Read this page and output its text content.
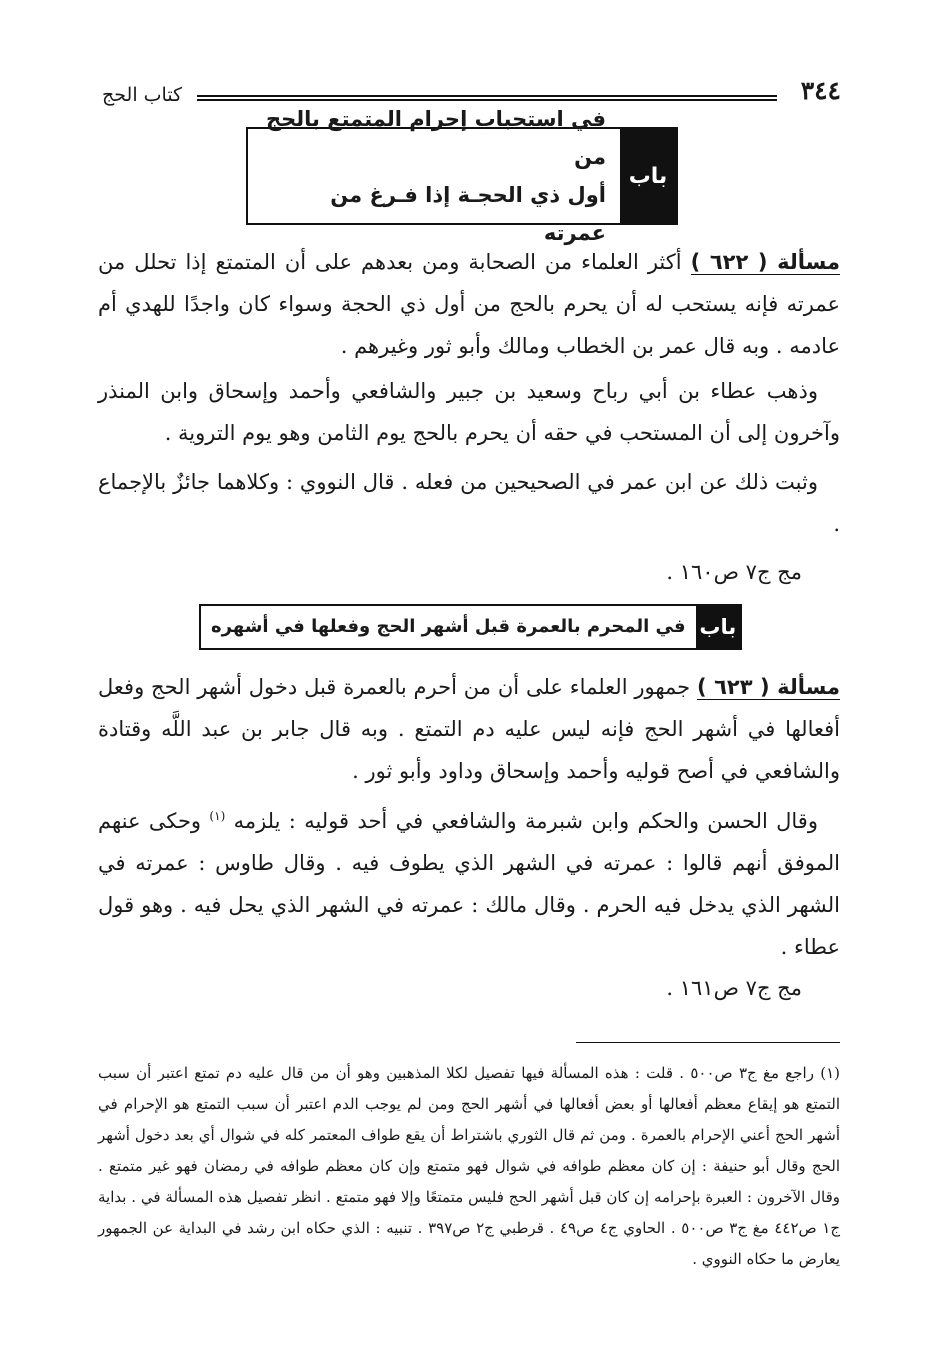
٣٤٤
كتاب الحج
باب
في استحباب إحرام المتمتع بالحج من
أول ذي الحجـة إذا فـرغ من عمرته

مسألة ( ٦٢٢ ) أكثر العلماء من الصحابة ومن بعدهم على أن المتمتع إذا تحلل من عمرته فإنه يستحب له أن يحرم بالحج من أول ذي الحجة وسواء كان واجدًا للهدي أم عادمه . وبه قال عمر بن الخطاب ومالك وأبو ثور وغيرهم .

وذهب عطاء بن أبي رباح وسعيد بن جبير والشافعي وأحمد وإسحاق وابن المنذر وآخرون إلى أن المستحب في حقه أن يحرم بالحج يوم الثامن وهو يوم التروية .

وثبت ذلك عن ابن عمر في الصحيحين من فعله . قال النووي : وكلاهما جائزٌ بالإجماع .

مج ج٧ ص١٦٠ .
باب
في المحرم بالعمرة قبل أشهر الحج وفعلها في أشهره

مسألة ( ٦٢٣ ) جمهور العلماء على أن من أحرم بالعمرة قبل دخول أشهر الحج وفعل أفعالها في أشهر الحج فإنه ليس عليه دم التمتع . وبه قال جابر بن عبد اللَّه وقتادة والشافعي في أصح قوليه وأحمد وإسحاق وداود وأبو ثور .

وقال الحسن والحكم وابن شبرمة والشافعي في أحد قوليه : يلزمه $^{(١)}$ وحكى عنهم الموفق أنهم قالوا : عمرته في الشهر الذي يطوف فيه . وقال طاوس : عمرته في الشهر الذي يدخل فيه الحرم . وقال مالك : عمرته في الشهر الذي يحل فيه . وهو قول عطاء .

مج ج٧ ص١٦١ .

(١) راجع مغ ج٣ ص٥٠٠ . قلت : هذه المسألة فيها تفصيل لكلا المذهبين وهو أن من قال عليه دم تمتع اعتبر أن سبب التمتع هو إيقاع معظم أفعالها أو بعض أفعالها في أشهر الحج ومن لم يوجب الدم اعتبر أن سبب التمتع هو الإحرام في أشهر الحج أعني الإحرام بالعمرة . ومن ثم قال الثوري باشتراط أن يقع طواف المعتمر كله في شوال أي بعد دخول أشهر الحج وقال أبو حنيفة : إن كان معظم طوافه في شوال فهو متمتع وإن كان معظم طوافه في رمضان فهو غير متمتع . وقال الآخرون : العبرة بإحرامه إن كان قبل أشهر الحج فليس متمتعًا وإلا فهو متمتع . انظر تفصيل هذه المسألة في . بداية ج١ ص٤٤٢ مغ ج٣ ص٥٠٠ . الحاوي ج٤ ص٤٩ . قرطبي ج٢ ص٣٩٧ . تنبيه : الذي حكاه ابن رشد في البداية عن الجمهور يعارض ما حكاه النووي .
